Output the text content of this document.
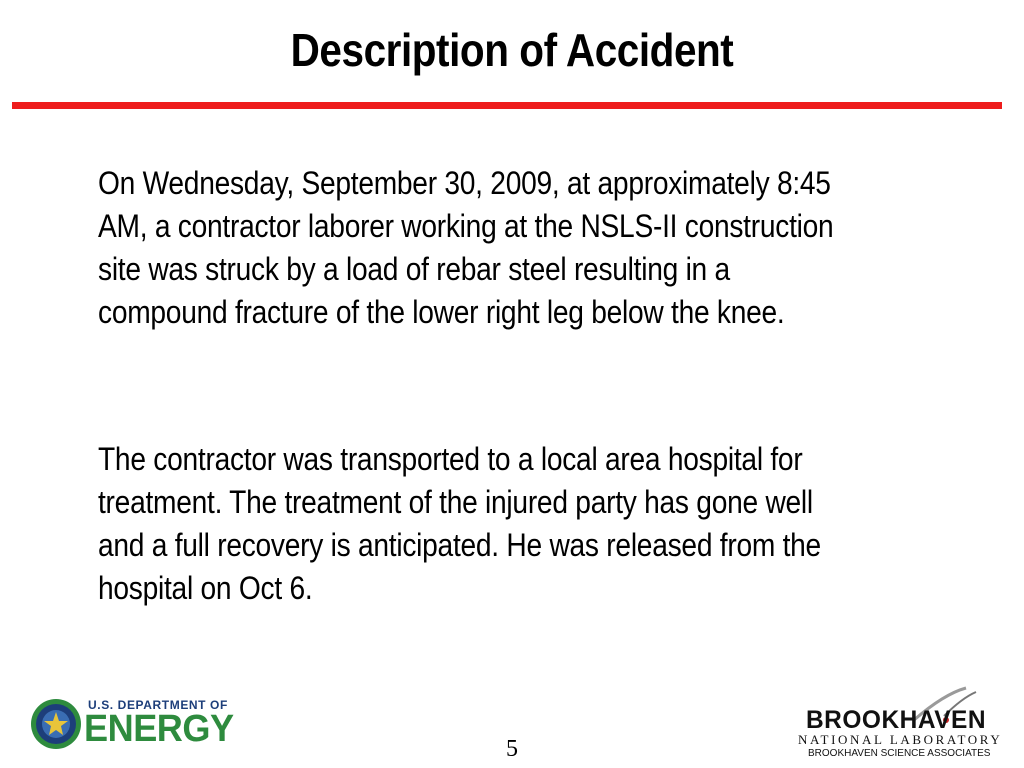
Description of Accident
On Wednesday, September 30, 2009, at approximately 8:45 AM, a contractor laborer working at the NSLS-II construction site was struck by a load of rebar steel resulting in a compound fracture of the lower right leg below the knee.
The contractor was transported to a local area hospital for treatment. The treatment of the injured party has gone well and a full recovery is anticipated. He was released from the hospital on Oct 6.
U.S. DEPARTMENT OF
ENERGY	5
BROOKHAVEN
NATIONAL LABORATORY
BROOKHAVEN SCIENCE ASSOCIATES
